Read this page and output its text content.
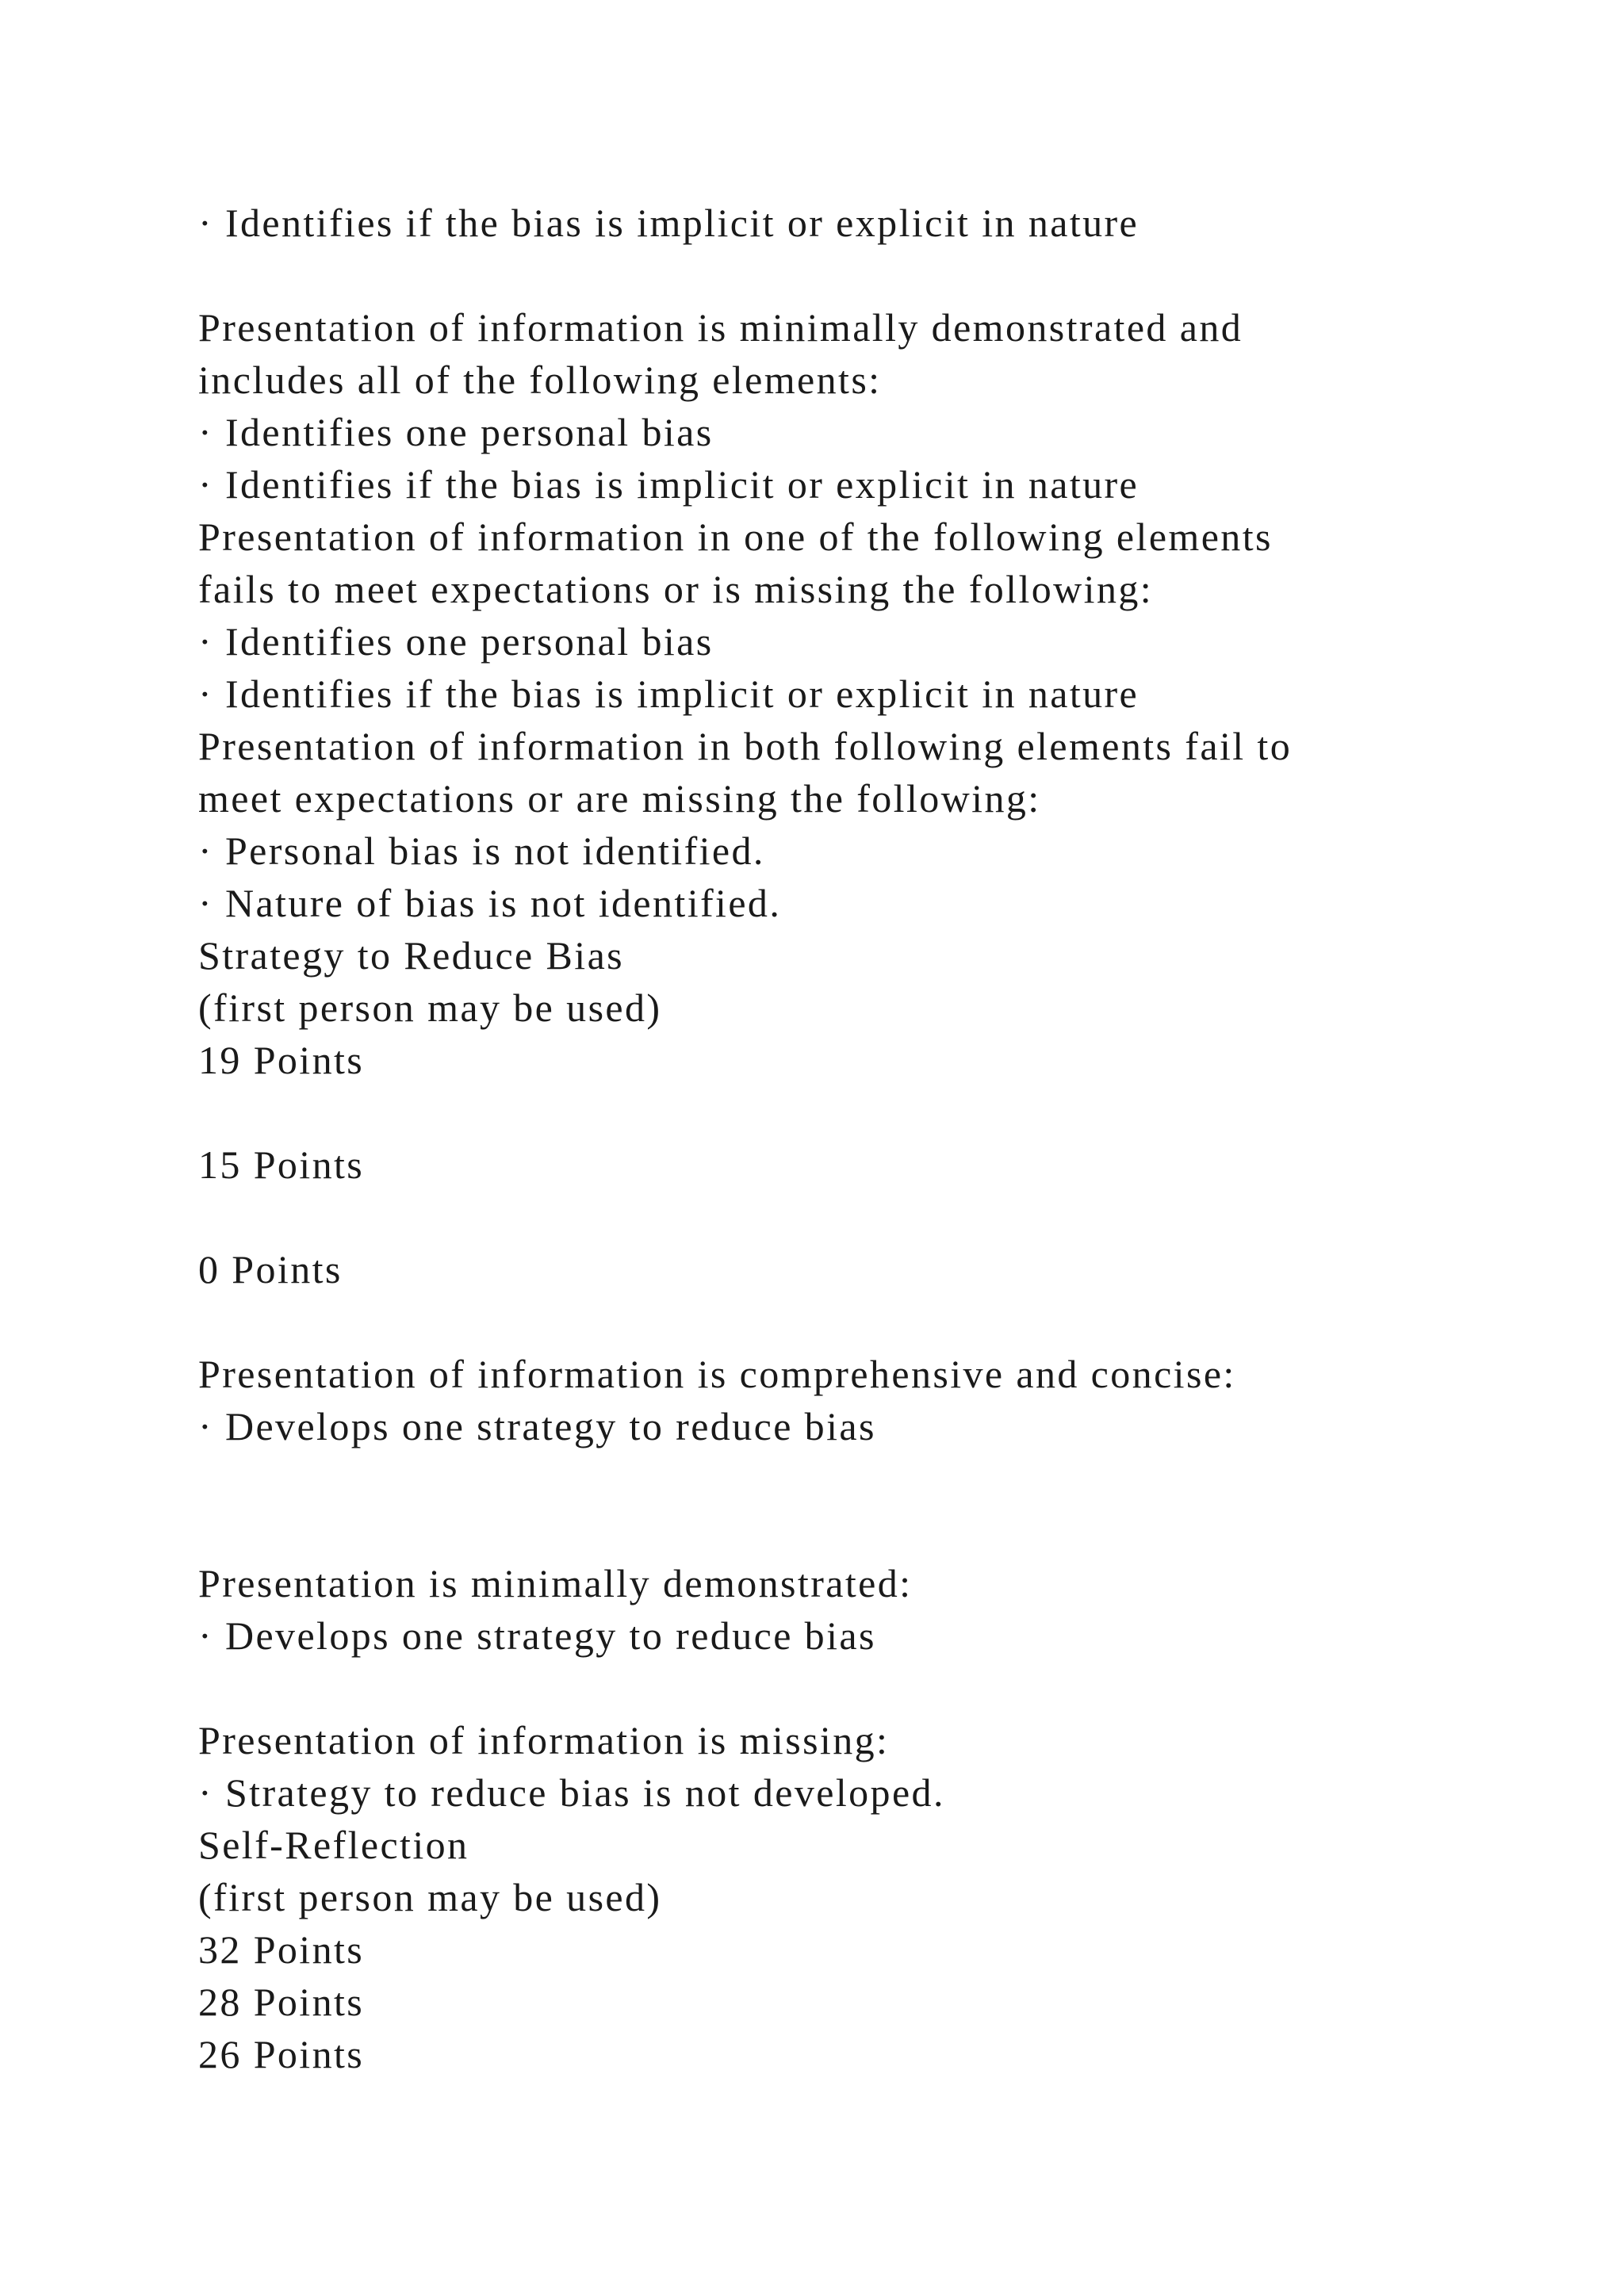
· Identifies if the bias is implicit or explicit in nature
Presentation of information is minimally demonstrated and
includes all of the following elements:
· Identifies one personal bias
· Identifies if the bias is implicit or explicit in nature
Presentation of information in one of the following elements
fails to meet expectations or is missing the following:
· Identifies one personal bias
· Identifies if the bias is implicit or explicit in nature
Presentation of information in both following elements fail to
meet expectations or are missing the following:
· Personal bias is not identified.
· Nature of bias is not identified.
Strategy to Reduce Bias
(first person may be used)
19 Points
15 Points
0 Points
Presentation of information is comprehensive and concise:
· Develops one strategy to reduce bias
Presentation is minimally demonstrated:
· Develops one strategy to reduce bias
Presentation of information is missing:
· Strategy to reduce bias is not developed.
Self-Reflection
(first person may be used)
32 Points
28 Points
26 Points
